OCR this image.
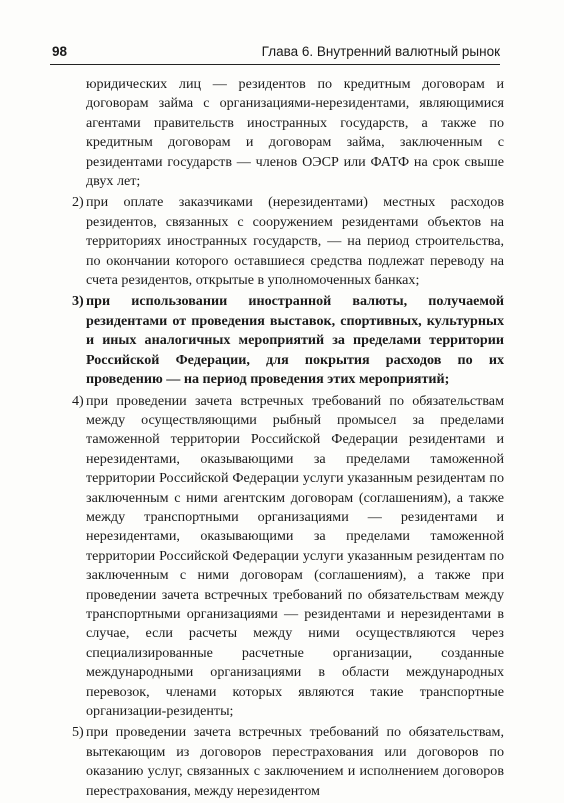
98	Глава 6. Внутренний валютный рынок

юридических лиц — резидентов по кредитным договорам и договорам займа с организациями-нерезидентами, являющимися агентами правительств иностранных государств, а также по кредитным договорам и договорам займа, заключенным с резидентами государств — членов ОЭСР или ФАТФ на срок свыше двух лет;

2) при оплате заказчиками (нерезидентами) местных расходов резидентов, связанных с сооружением резидентами объектов на территориях иностранных государств, — на период строительства, по окончании которого оставшиеся средства подлежат переводу на счета резидентов, открытые в уполномоченных банках;
3) при использовании иностранной валюты, получаемой резидентами от проведения выставок, спортивных, культурных и иных аналогичных мероприятий за пределами территории Российской Федерации, для покрытия расходов по их проведению — на период проведения этих мероприятий;
4) при проведении зачета встречных требований по обязательствам между осуществляющими рыбный промысел за пределами таможенной территории Российской Федерации резидентами и нерезидентами, оказывающими за пределами таможенной территории Российской Федерации услуги указанным резидентам по заключенным с ними агентским договорам (соглашениям), а также между транспортными организациями — резидентами и нерезидентами, оказывающими за пределами таможенной территории Российской Федерации услуги указанным резидентам по заключенным с ними договорам (соглашениям), а также при проведении зачета встречных требований по обязательствам между транспортными организациями — резидентами и нерезидентами в случае, если расчеты между ними осуществляются через специализированные расчетные организации, созданные международными организациями в области международных перевозок, членами которых являются такие транспортные организации-резиденты;
5) при проведении зачета встречных требований по обязательствам, вытекающим из договоров перестрахования или договоров по оказанию услуг, связанных с заключением и исполнением договоров перестрахования, между нерезидентом
